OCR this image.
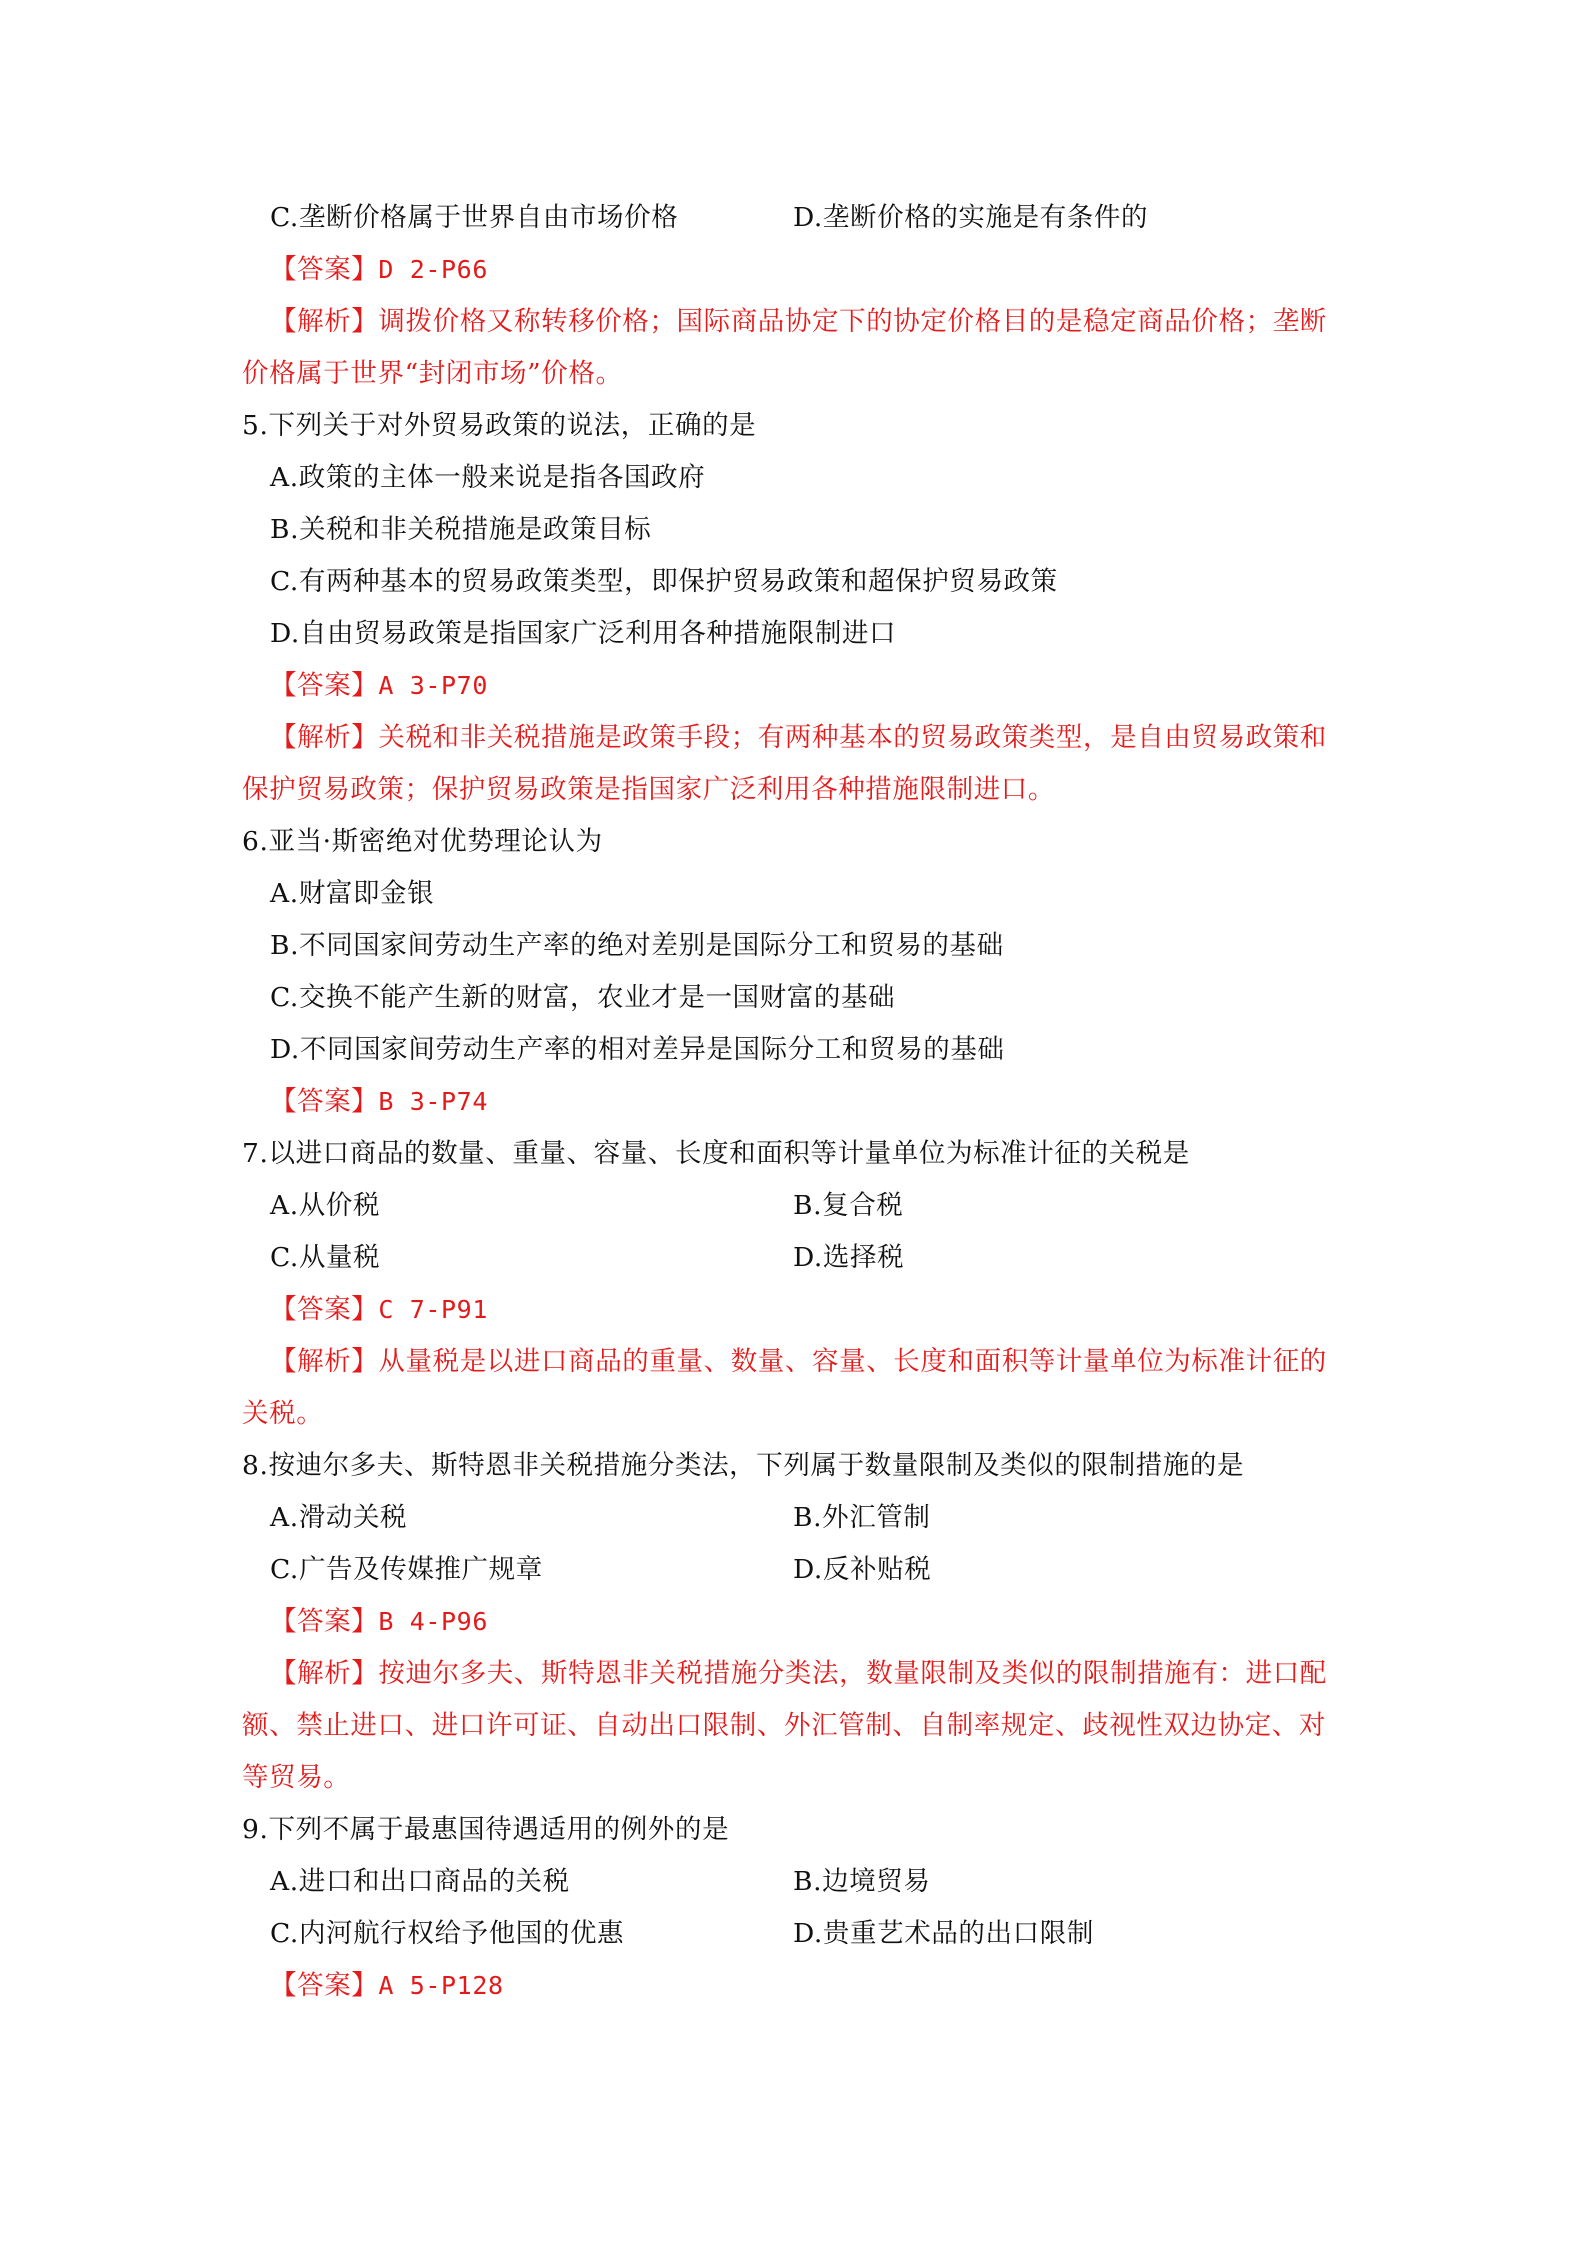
C.垄断价格属于世界自由市场价格	D.垄断价格的实施是有条件的
【答案】D 2-P66
【解析】调拨价格又称转移价格；国际商品协定下的协定价格目的是稳定商品价格；垄断
价格属于世界“封闭市场”价格。
5.下列关于对外贸易政策的说法，正确的是
A.政策的主体一般来说是指各国政府
B.关税和非关税措施是政策目标
C.有两种基本的贸易政策类型，即保护贸易政策和超保护贸易政策
D.自由贸易政策是指国家广泛利用各种措施限制进口
【答案】A 3-P70
【解析】关税和非关税措施是政策手段；有两种基本的贸易政策类型，是自由贸易政策和
保护贸易政策；保护贸易政策是指国家广泛利用各种措施限制进口。
6.亚当·斯密绝对优势理论认为
A.财富即金银
B.不同国家间劳动生产率的绝对差别是国际分工和贸易的基础
C.交换不能产生新的财富，农业才是一国财富的基础
D.不同国家间劳动生产率的相对差异是国际分工和贸易的基础
【答案】B 3-P74
7.以进口商品的数量、重量、容量、长度和面积等计量单位为标准计征的关税是
A.从价税	B.复合税
C.从量税	D.选择税
【答案】C 7-P91
【解析】从量税是以进口商品的重量、数量、容量、长度和面积等计量单位为标准计征的
关税。
8.按迪尔多夫、斯特恩非关税措施分类法，下列属于数量限制及类似的限制措施的是
A.滑动关税	B.外汇管制
C.广告及传媒推广规章	D.反补贴税
【答案】B 4-P96
【解析】按迪尔多夫、斯特恩非关税措施分类法，数量限制及类似的限制措施有：进口配
额、禁止进口、进口许可证、自动出口限制、外汇管制、自制率规定、歧视性双边协定、对
等贸易。
9.下列不属于最惠国待遇适用的例外的是
A.进口和出口商品的关税	B.边境贸易
C.内河航行权给予他国的优惠	D.贵重艺术品的出口限制
【答案】A 5-P128
